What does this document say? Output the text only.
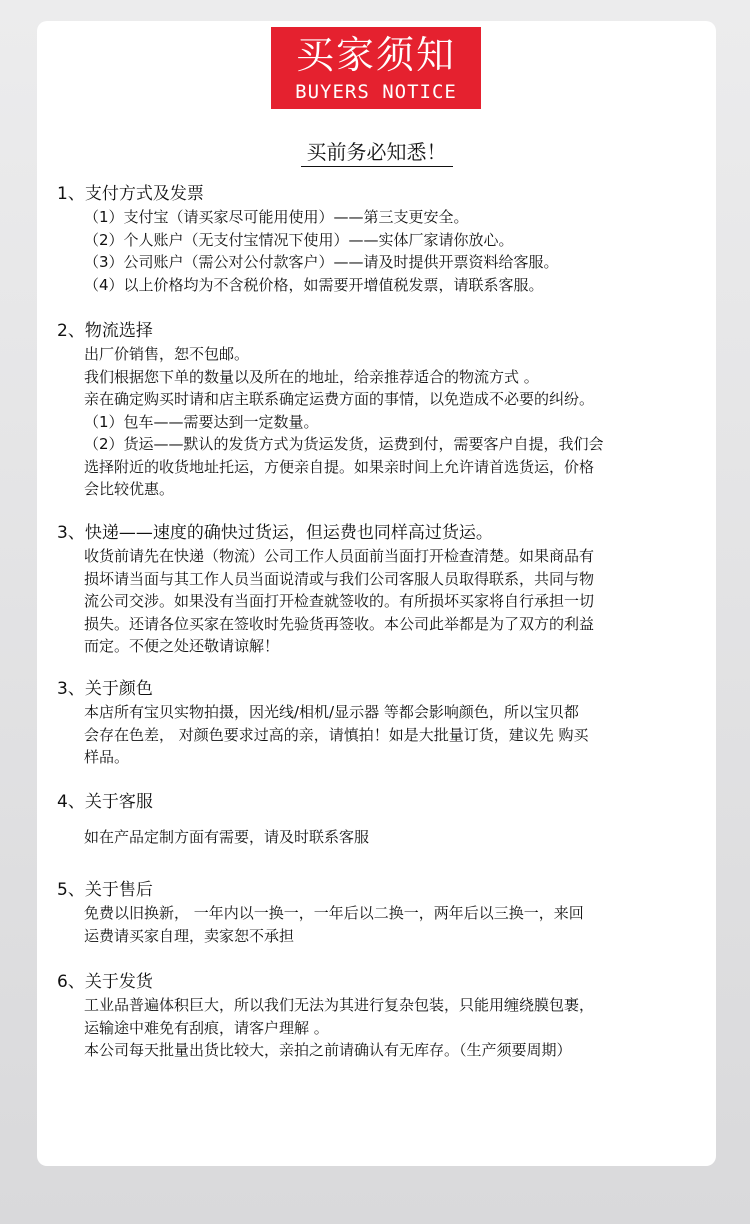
买家须知
BUYERS NOTICE
买前务必知悉！

1、支付方式及发票

（1）支付宝（请买家尽可能用使用）——第三支更安全。

（2）个人账户（无支付宝情况下使用）——实体厂家请你放心。

（3）公司账户（需公对公付款客户）——请及时提供开票资料给客服。

（4）以上价格均为不含税价格，如需要开增值税发票，请联系客服。

2、物流选择

出厂价销售，恕不包邮。

我们根据您下单的数量以及所在的地址，给亲推荐适合的物流方式 。

亲在确定购买时请和店主联系确定运费方面的事情，以免造成不必要的纠纷。

（1）包车——需要达到一定数量。

（2）货运——默认的发货方式为货运发货，运费到付，需要客户自提，我们会

选择附近的收货地址托运，方便亲自提。如果亲时间上允许请首选货运，价格

会比较优惠。

3、快递——速度的确快过货运，但运费也同样高过货运。

收货前请先在快递（物流）公司工作人员面前当面打开检查清楚。如果商品有

损坏请当面与其工作人员当面说清或与我们公司客服人员取得联系，共同与物

流公司交涉。如果没有当面打开检查就签收的。有所损坏买家将自行承担一切

损失。还请各位买家在签收时先验货再签收。本公司此举都是为了双方的利益

而定。不便之处还敬请谅解！

3、关于颜色

本店所有宝贝实物拍摄，因光线/相机/显示器 等都会影响颜色，所以宝贝都

会存在色差， 对颜色要求过高的亲，请慎拍！如是大批量订货，建议先 购买

样品。

4、关于客服

如在产品定制方面有需要，请及时联系客服

5、关于售后

免费以旧换新， 一年内以一换一，一年后以二换一，两年后以三换一，来回

运费请买家自理，卖家恕不承担

6、关于发货

工业品普遍体积巨大，所以我们无法为其进行复杂包装，只能用缠绕膜包裹，

运输途中难免有刮痕，请客户理解 。

本公司每天批量出货比较大，亲拍之前请确认有无库存。（生产须要周期）
